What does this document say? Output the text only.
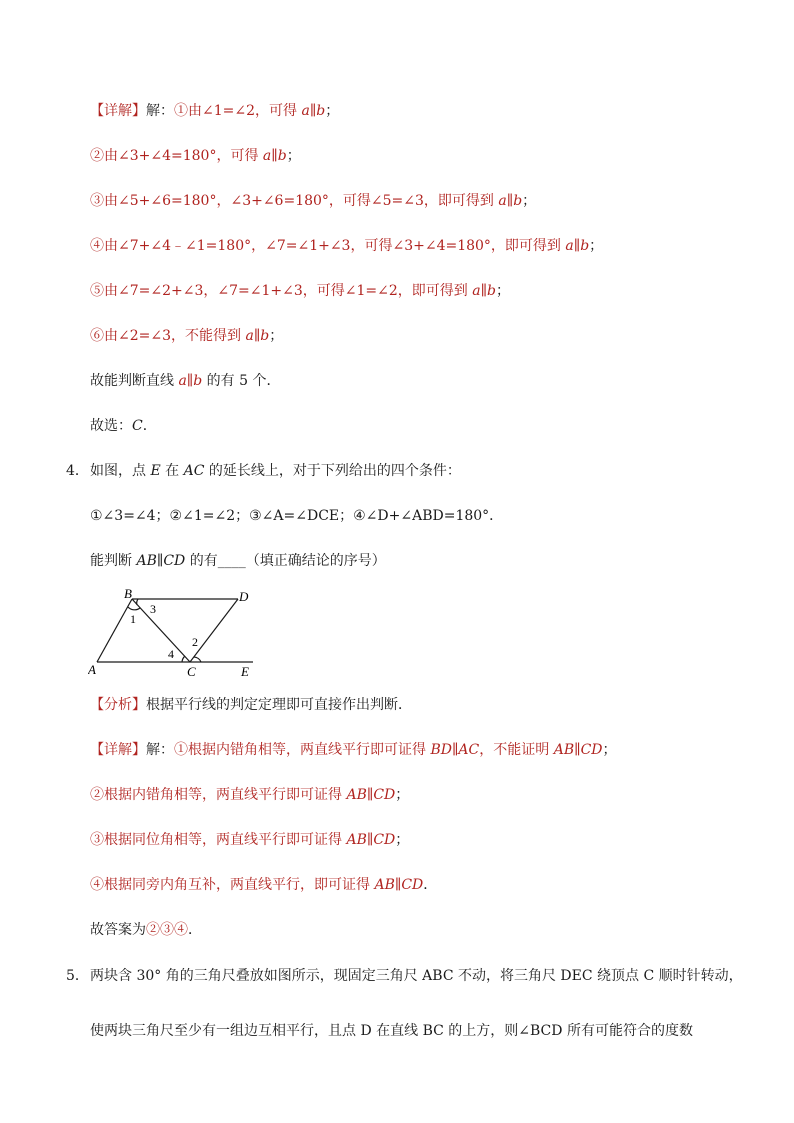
【详解】解：①由∠1=∠2，可得 a∥b；
②由∠3+∠4=180°，可得 a∥b；
③由∠5+∠6=180°，∠3+∠6=180°，可得∠5=∠3，即可得到 a∥b；
④由∠7+∠4﹣∠1=180°，∠7=∠1+∠3，可得∠3+∠4=180°，即可得到 a∥b；
⑤由∠7=∠2+∠3，∠7=∠1+∠3，可得∠1=∠2，即可得到 a∥b；
⑥由∠2=∠3，不能得到 a∥b；
故能判断直线 a∥b 的有 5 个．
故选：C．
4． 如图，点 E 在 AC 的延长线上，对于下列给出的四个条件：
①∠3=∠4；②∠1=∠2；③∠A=∠DCE；④∠D+∠ABD=180°．
能判断 AB∥CD 的有____（填正确结论的序号）
B	D
A	C	E
1
3
2
4
【分析】根据平行线的判定定理即可直接作出判断．
【详解】解：①根据内错角相等，两直线平行即可证得 BD∥AC，不能证明 AB∥CD；
②根据内错角相等，两直线平行即可证得 AB∥CD；
③根据同位角相等，两直线平行即可证得 AB∥CD；
④根据同旁内角互补，两直线平行，即可证得 AB∥CD．
故答案为②③④．
5． 两块含 30° 角的三角尺叠放如图所示，现固定三角尺 ABC 不动，将三角尺 DEC 绕顶点 C 顺时针转动，
使两块三角尺至少有一组边互相平行，且点 D 在直线 BC 的上方，则∠BCD 所有可能符合的度数
